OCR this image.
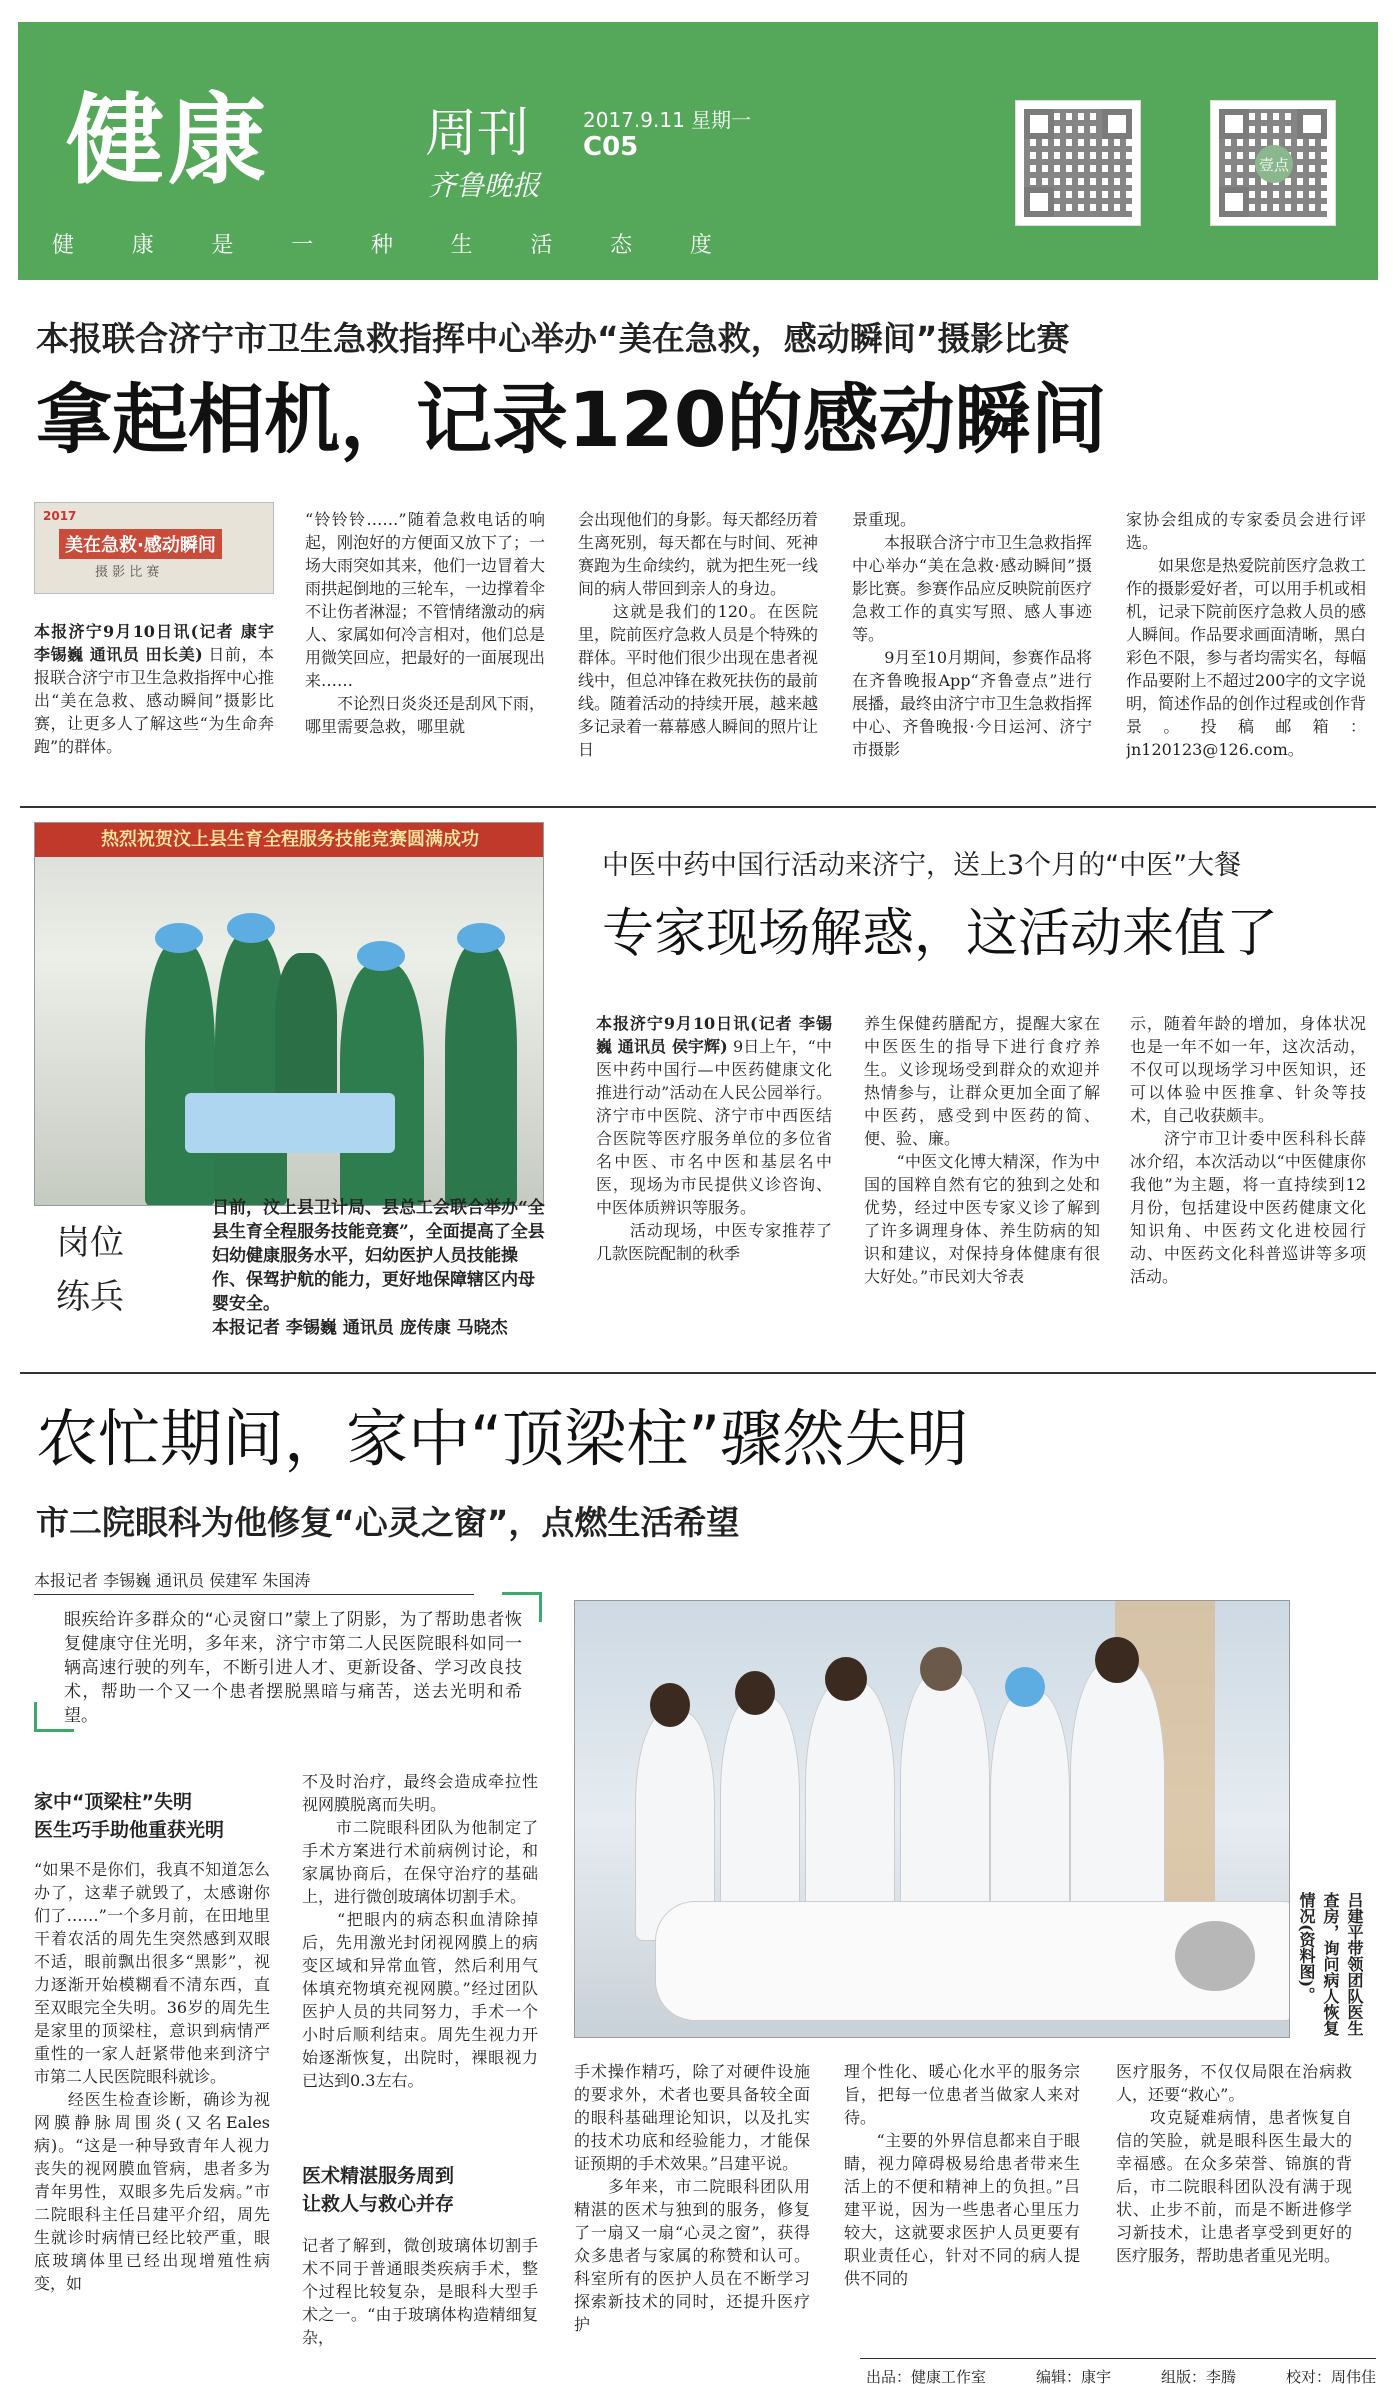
健康	周刊
齐鲁晚报
2017.9.11 星期一
C05
健	康	是	一	种	生	活	态	度
壹点
本报联合济宁市卫生急救指挥中心举办“美在急救，感动瞬间”摄影比赛
拿起相机，记录120的感动瞬间
2017
美在急救·感动瞬间
摄 影 比 赛
本报济宁9月10日讯(记者 康宇 李锡巍 通讯员 田长美) 日前，本报联合济宁市卫生急救指挥中心推出“美在急救、感动瞬间”摄影比赛，让更多人了解这些“为生命奔跑”的群体。
“铃铃铃……”随着急救电话的响起，刚泡好的方便面又放下了；一场大雨突如其来，他们一边冒着大雨拱起倒地的三轮车，一边撑着伞不让伤者淋湿；不管情绪激动的病人、家属如何冷言相对，他们总是用微笑回应，把最好的一面展现出来……
　　不论烈日炎炎还是刮风下雨，哪里需要急救，哪里就
会出现他们的身影。每天都经历着生离死别，每天都在与时间、死神赛跑为生命续约，就为把生死一线间的病人带回到亲人的身边。
　　这就是我们的120。在医院里，院前医疗急救人员是个特殊的群体。平时他们很少出现在患者视线中，但总冲锋在救死扶伤的最前线。随着活动的持续开展，越来越多记录着一幕幕感人瞬间的照片让日
景重现。
　　本报联合济宁市卫生急救指挥中心举办“美在急救·感动瞬间”摄影比赛。参赛作品应反映院前医疗急救工作的真实写照、感人事迹等。
　　9月至10月期间，参赛作品将在齐鲁晚报App“齐鲁壹点”进行展播，最终由济宁市卫生急救指挥中心、齐鲁晚报·今日运河、济宁市摄影
家协会组成的专家委员会进行评选。
　　如果您是热爱院前医疗急救工作的摄影爱好者，可以用手机或相机，记录下院前医疗急救人员的感人瞬间。作品要求画面清晰，黑白彩色不限，参与者均需实名，每幅作品要附上不超过200字的文字说明，简述作品的创作过程或创作背景。投稿邮箱：jn120123@126.com。
热烈祝贺汶上县生育全程服务技能竞赛圆满成功
岗位
练兵
日前，汶上县卫计局、县总工会联合举办“全县生育全程服务技能竞赛”，全面提高了全县妇幼健康服务水平，妇幼医护人员技能操作、保驾护航的能力，更好地保障辖区内母婴安全。
本报记者 李锡巍 通讯员 庞传康 马晓杰
中医中药中国行活动来济宁，送上3个月的“中医”大餐
专家现场解惑，这活动来值了
本报济宁9月10日讯(记者 李锡巍 通讯员 侯宇辉) 9日上午，“中医中药中国行—中医药健康文化推进行动”活动在人民公园举行。济宁市中医院、济宁市中西医结合医院等医疗服务单位的多位省名中医、市名中医和基层名中医，现场为市民提供义诊咨询、中医体质辨识等服务。
　　活动现场，中医专家推荐了几款医院配制的秋季
养生保健药膳配方，提醒大家在中医医生的指导下进行食疗养生。义诊现场受到群众的欢迎并热情参与，让群众更加全面了解中医药，感受到中医药的简、便、验、廉。
　　“中医文化博大精深，作为中国的国粹自然有它的独到之处和优势，经过中医专家义诊了解到了许多调理身体、养生防病的知识和建议，对保持身体健康有很大好处。”市民刘大爷表
示，随着年龄的增加，身体状况也是一年不如一年，这次活动，不仅可以现场学习中医知识，还可以体验中医推拿、针灸等技术，自己收获颇丰。
　　济宁市卫计委中医科科长薛冰介绍，本次活动以“中医健康你我他”为主题，将一直持续到12月份，包括建设中医药健康文化知识角、中医药文化进校园行动、中医药文化科普巡讲等多项活动。
农忙期间，家中“顶梁柱”骤然失明
市二院眼科为他修复“心灵之窗”，点燃生活希望
本报记者 李锡巍 通讯员 侯建军 朱国涛
眼疾给许多群众的“心灵窗口”蒙上了阴影，为了帮助患者恢复健康守住光明，多年来，济宁市第二人民医院眼科如同一辆高速行驶的列车，不断引进人才、更新设备、学习改良技术，帮助一个又一个患者摆脱黑暗与痛苦，送去光明和希望。
家中“顶梁柱”失明
医生巧手助他重获光明
“如果不是你们，我真不知道怎么办了，这辈子就毁了，太感谢你们了……”一个多月前，在田地里干着农活的周先生突然感到双眼不适，眼前飘出很多“黑影”，视力逐渐开始模糊看不清东西，直至双眼完全失明。36岁的周先生是家里的顶梁柱，意识到病情严重性的一家人赶紧带他来到济宁市第二人民医院眼科就诊。
　　经医生检查诊断，确诊为视网膜静脉周围炎(又名Eales病)。“这是一种导致青年人视力丧失的视网膜血管病，患者多为青年男性，双眼多先后发病。”市二院眼科主任吕建平介绍，周先生就诊时病情已经比较严重，眼底玻璃体里已经出现增殖性病变，如
不及时治疗，最终会造成牵拉性视网膜脱离而失明。
　　市二院眼科团队为他制定了手术方案进行术前病例讨论，和家属协商后，在保守治疗的基础上，进行微创玻璃体切割手术。
　　“把眼内的病态积血清除掉后，先用激光封闭视网膜上的病变区域和异常血管，然后利用气体填充物填充视网膜。”经过团队医护人员的共同努力，手术一个小时后顺利结束。周先生视力开始逐渐恢复，出院时，裸眼视力已达到0.3左右。
医术精湛服务周到
让救人与救心并存
记者了解到，微创玻璃体切割手术不同于普通眼类疾病手术，整个过程比较复杂，是眼科大型手术之一。“由于玻璃体构造精细复杂，
吕建平带领团队医生查房，询问病人恢复情况(资料图)。
手术操作精巧，除了对硬件设施的要求外，术者也要具备较全面的眼科基础理论知识，以及扎实的技术功底和经验能力，才能保证预期的手术效果。”吕建平说。
　　多年来，市二院眼科团队用精湛的医术与独到的服务，修复了一扇又一扇“心灵之窗”，获得众多患者与家属的称赞和认可。科室所有的医护人员在不断学习探索新技术的同时，还提升医疗护
理个性化、暖心化水平的服务宗旨，把每一位患者当做家人来对待。
　　“主要的外界信息都来自于眼睛，视力障碍极易给患者带来生活上的不便和精神上的负担。”吕建平说，因为一些患者心里压力较大，这就要求医护人员更要有职业责任心，针对不同的病人提供不同的
医疗服务，不仅仅局限在治病救人，还要“救心”。
　　攻克疑难病情，患者恢复自信的笑脸，就是眼科医生最大的幸福感。在众多荣誉、锦旗的背后，市二院眼科团队没有满于现状、止步不前，而是不断进修学习新技术，让患者享受到更好的医疗服务，帮助患者重见光明。
出品：健康工作室	编辑：康宇	组版：李腾	校对：周伟佳
